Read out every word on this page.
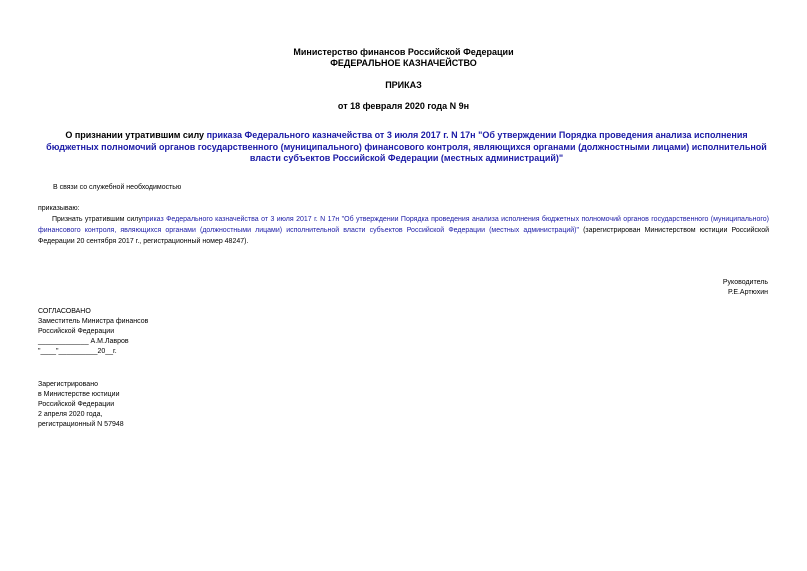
Министерство финансов Российской Федерации
ФЕДЕРАЛЬНОЕ КАЗНАЧЕЙСТВО
ПРИКАЗ
от 18 февраля 2020 года N 9н
О признании утратившим силу приказа Федерального казначейства от 3 июля 2017 г. N 17н "Об утверждении Порядка проведения анализа исполнения бюджетных полномочий органов государственного (муниципального) финансового контроля, являющихся органами (должностными лицами) исполнительной власти субъектов Российской Федерации (местных администраций)"
В связи со служебной необходимостью
приказываю:
Признать утратившим силуприказ Федерального казначейства от 3 июля 2017 г. N 17н "Об утверждении Порядка проведения анализа исполнения бюджетных полномочий органов государственного (муниципального) финансового контроля, являющихся органами (должностными лицами) исполнительной власти субъектов Российской Федерации (местных администраций)" (зарегистрирован Министерством юстиции Российской Федерации 20 сентября 2017 г., регистрационный номер 48247).
Руководитель
Р.Е.Артюхин
СОГЛАСОВАНО
Заместитель Министра финансов
Российской Федерации
_____________ А.М.Лавров
"____"__________20__г.
Зарегистрировано
в Министерстве юстиции
Российской Федерации
2 апреля 2020 года,
регистрационный N 57948
